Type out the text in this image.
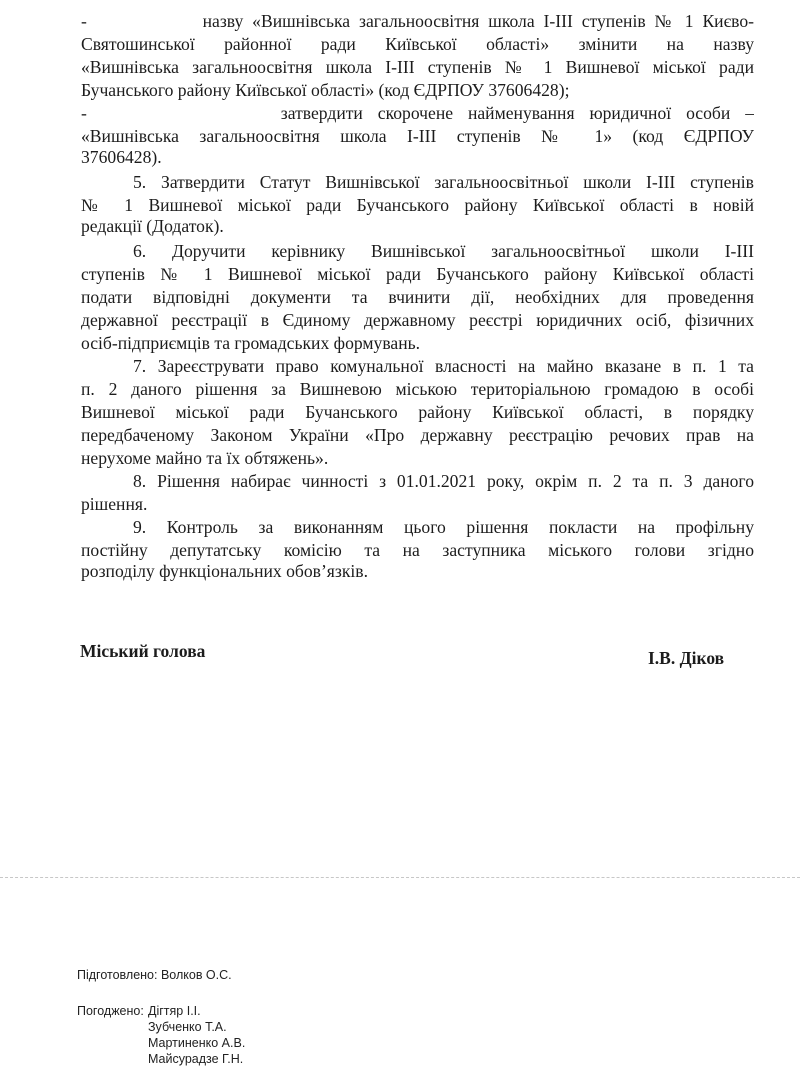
-             назву «Вишнівська загальноосвітня школа І-ІІІ ступенів № 1 Києво-
Святошинської районної ради Київської області» змінити на назву
«Вишнівська загальноосвітня школа І-ІІІ ступенів № 1 Вишневої міської ради
Бучанського району Київської області» (код ЄДРПОУ 37606428);
-             затвердити скорочене найменування юридичної особи –
«Вишнівська загальноосвітня школа І-ІІІ ступенів № 1» (код ЄДРПОУ
37606428).
5. Затвердити Статут Вишнівської загальноосвітньої школи І-ІІІ ступенів
№ 1 Вишневої міської ради Бучанського району Київської області в новій
редакції (Додаток).
6. Доручити керівнику Вишнівської загальноосвітньої школи І-ІІІ
ступенів № 1 Вишневої міської ради Бучанського району Київської області
подати відповідні документи та вчинити дії, необхідних для проведення
державної реєстрації в Єдиному державному реєстрі юридичних осіб, фізичних
осіб-підприємців та громадських формувань.
7. Зареєструвати право комунальної власності на майно вказане в п. 1 та
п. 2 даного рішення за Вишневою міською територіальною громадою в особі
Вишневої міської ради Бучанського району Київської області, в порядку
передбаченому Законом України «Про державну реєстрацію речових прав на
нерухоме майно та їх обтяжень».
8. Рішення набирає чинності з 01.01.2021 року, окрім п. 2 та п. 3 даного
рішення.
9. Контроль за виконанням цього рішення покласти на профільну
постійну депутатську комісію та на заступника міського голови згідно
розподілу функціональних обов’язків.
Міський голова	І.В. Діков
Підготовлено: Волков О.С.
Погоджено: Дігтяр І.І.
Зубченко Т.А.
Мартиненко А.В.
Майсурадзе Г.Н.
